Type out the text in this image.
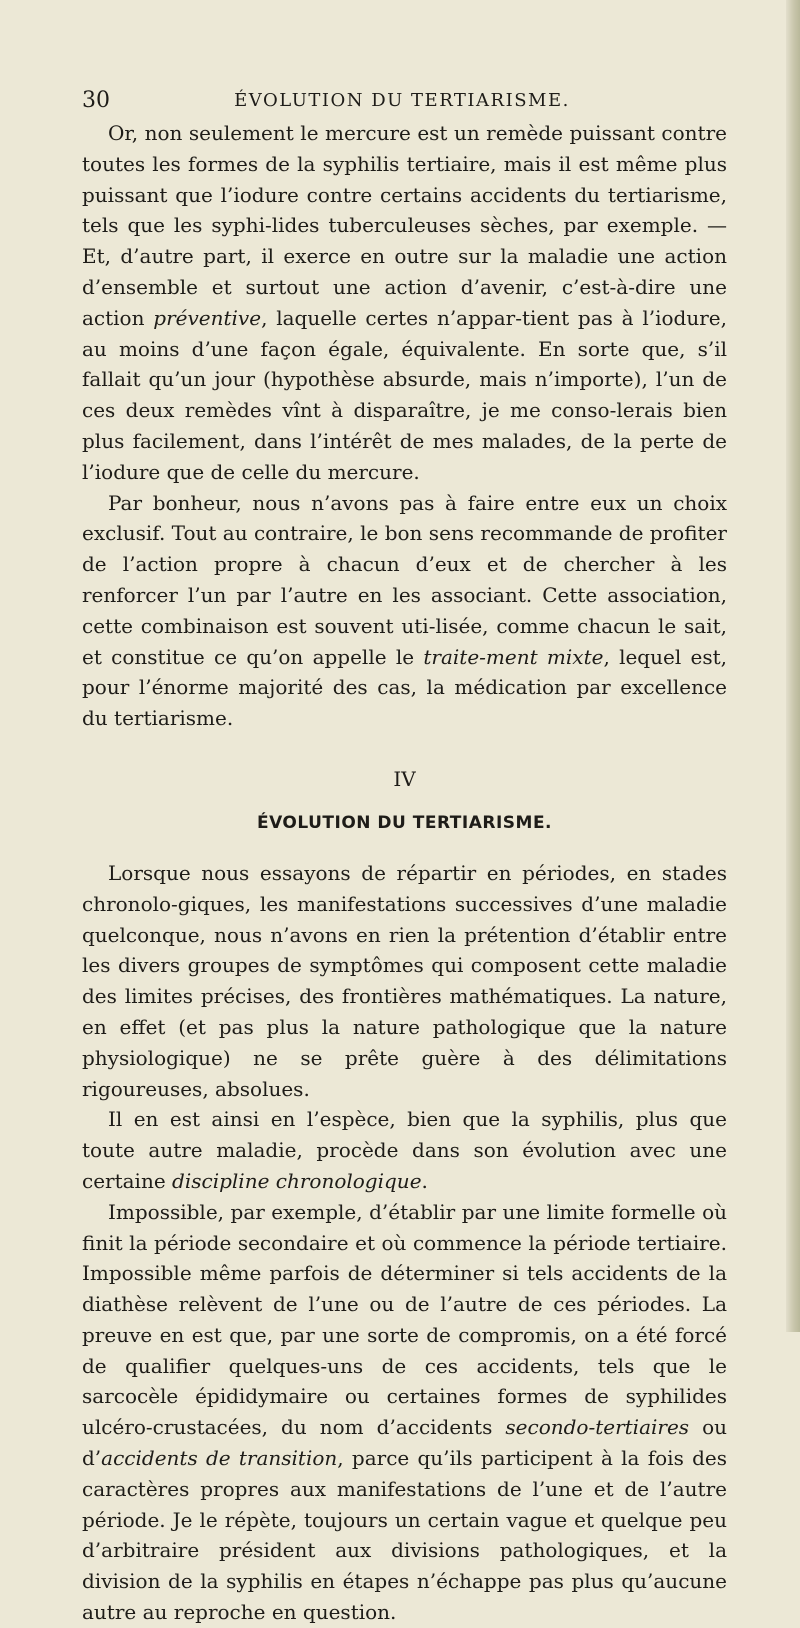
30	ÉVOLUTION DU TERTIARISME.

Or, non seulement le mercure est un remède puissant contre toutes les formes de la syphilis tertiaire, mais il est même plus puissant que l’iodure contre certains accidents du tertiarisme, tels que les syphi-lides tuberculeuses sèches, par exemple. — Et, d’autre part, il exerce en outre sur la maladie une action d’ensemble et surtout une action d’avenir, c’est-à-dire une action préventive, laquelle certes n’appar-tient pas à l’iodure, au moins d’une façon égale, équivalente. En sorte que, s’il fallait qu’un jour (hypothèse absurde, mais n’importe), l’un de ces deux remèdes vînt à disparaître, je me conso-lerais bien plus facilement, dans l’intérêt de mes malades, de la perte de l’iodure que de celle du mercure.

Par bonheur, nous n’avons pas à faire entre eux un choix exclusif. Tout au contraire, le bon sens recommande de profiter de l’action propre à chacun d’eux et de chercher à les renforcer l’un par l’autre en les associant. Cette association, cette combinaison est souvent uti-lisée, comme chacun le sait, et constitue ce qu’on appelle le traite-ment mixte, lequel est, pour l’énorme majorité des cas, la médication par excellence du tertiarisme.

IV
ÉVOLUTION DU TERTIARISME.

Lorsque nous essayons de répartir en périodes, en stades chronolo-giques, les manifestations successives d’une maladie quelconque, nous n’avons en rien la prétention d’établir entre les divers groupes de symptômes qui composent cette maladie des limites précises, des frontières mathématiques. La nature, en effet (et pas plus la nature pathologique que la nature physiologique) ne se prête guère à des délimitations rigoureuses, absolues.

Il en est ainsi en l’espèce, bien que la syphilis, plus que toute autre maladie, procède dans son évolution avec une certaine discipline chronologique.

Impossible, par exemple, d’établir par une limite formelle où finit la période secondaire et où commence la période tertiaire. Impossible même parfois de déterminer si tels accidents de la diathèse relèvent de l’une ou de l’autre de ces périodes. La preuve en est que, par une sorte de compromis, on a été forcé de qualifier quelques-uns de ces accidents, tels que le sarcocèle épididymaire ou certaines formes de syphilides ulcéro-crustacées, du nom d’accidents secondo-tertiaires ou d’accidents de transition, parce qu’ils participent à la fois des caractères propres aux manifestations de l’une et de l’autre période. Je le répète, toujours un certain vague et quelque peu d’arbitraire président aux divisions pathologiques, et la division de la syphilis en étapes n’échappe pas plus qu’aucune autre au reproche en question.
